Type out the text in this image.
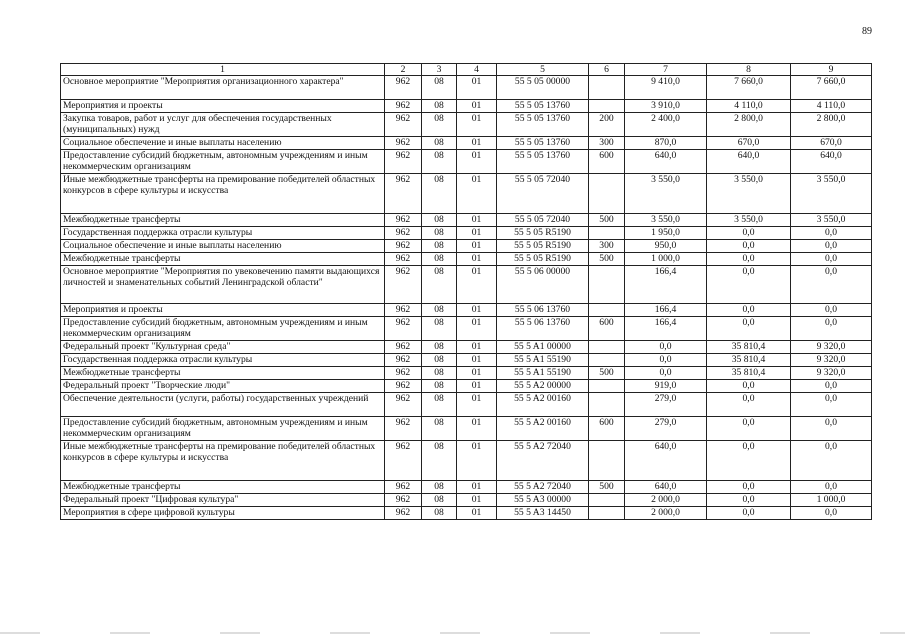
89
1	2	3	4	5	6	7	8	9
Основное мероприятие "Мероприятия организационного характера"	962	08	01	55 5 05 00000		9 410,0	7 660,0	7 660,0
Мероприятия и проекты	962	08	01	55 5 05 13760		3 910,0	4 110,0	4 110,0
Закупка товаров, работ и услуг для обеспечения государственных (муниципальных) нужд	962	08	01	55 5 05 13760	200	2 400,0	2 800,0	2 800,0
Социальное обеспечение и иные выплаты населению	962	08	01	55 5 05 13760	300	870,0	670,0	670,0
Предоставление субсидий бюджетным, автономным учреждениям и иным некоммерческим организациям	962	08	01	55 5 05 13760	600	640,0	640,0	640,0
Иные межбюджетные трансферты на премирование победителей областных конкурсов в сфере культуры и искусства	962	08	01	55 5 05 72040		3 550,0	3 550,0	3 550,0
Межбюджетные трансферты	962	08	01	55 5 05 72040	500	3 550,0	3 550,0	3 550,0
Государственная поддержка отрасли культуры	962	08	01	55 5 05 R5190		1 950,0	0,0	0,0
Социальное обеспечение и иные выплаты населению	962	08	01	55 5 05 R5190	300	950,0	0,0	0,0
Межбюджетные трансферты	962	08	01	55 5 05 R5190	500	1 000,0	0,0	0,0
Основное мероприятие "Мероприятия по увековечению памяти выдающихся личностей и знаменательных событий Ленинградской области"	962	08	01	55 5 06 00000		166,4	0,0	0,0
Мероприятия и проекты	962	08	01	55 5 06 13760		166,4	0,0	0,0
Предоставление субсидий бюджетным, автономным учреждениям и иным некоммерческим организациям	962	08	01	55 5 06 13760	600	166,4	0,0	0,0
Федеральный проект "Культурная среда"	962	08	01	55 5 A1 00000		0,0	35 810,4	9 320,0
Государственная поддержка отрасли культуры	962	08	01	55 5 A1 55190		0,0	35 810,4	9 320,0
Межбюджетные трансферты	962	08	01	55 5 A1 55190	500	0,0	35 810,4	9 320,0
Федеральный проект "Творческие люди"	962	08	01	55 5 A2 00000		919,0	0,0	0,0
Обеспечение деятельности (услуги, работы) государственных учреждений	962	08	01	55 5 A2 00160		279,0	0,0	0,0
Предоставление субсидий бюджетным, автономным учреждениям и иным некоммерческим организациям	962	08	01	55 5 A2 00160	600	279,0	0,0	0,0
Иные межбюджетные трансферты на премирование победителей областных конкурсов в сфере культуры и искусства	962	08	01	55 5 A2 72040		640,0	0,0	0,0
Межбюджетные трансферты	962	08	01	55 5 A2 72040	500	640,0	0,0	0,0
Федеральный проект "Цифровая культура"	962	08	01	55 5 A3 00000		2 000,0	0,0	1 000,0
Мероприятия в сфере цифровой культуры	962	08	01	55 5 A3 14450		2 000,0	0,0	0,0
